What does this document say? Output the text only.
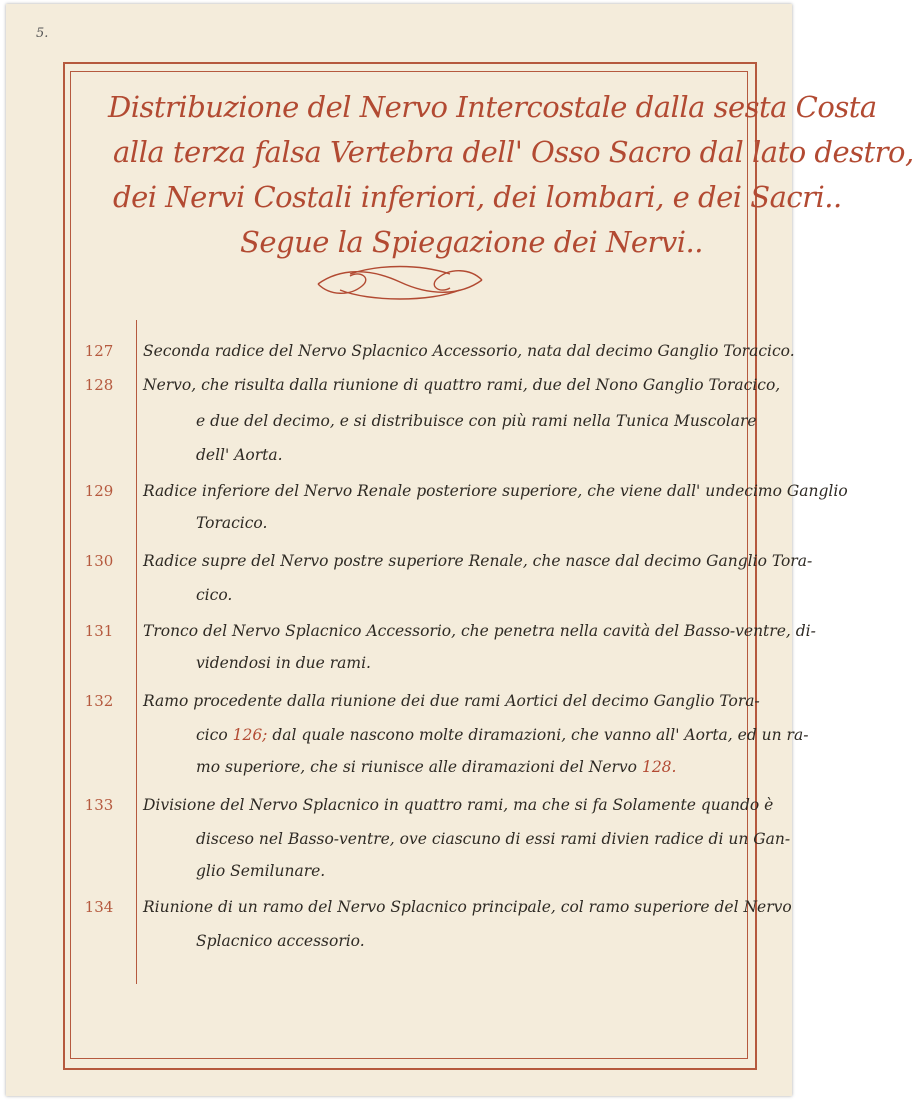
5.
Distribuzione del Nervo Intercostale dalla sesta Costa
alla terza falsa Vertebra dell' Osso Sacro dal lato destro,
dei Nervi Costali inferiori, dei lombari, e dei Sacri..
Segue la Spiegazione dei Nervi..
127	Seconda radice del Nervo Splacnico Accessorio, nata dal decimo Ganglio Toracico.
128	Nervo, che risulta dalla riunione di quattro rami, due del Nono Ganglio Toracico,
e due del decimo, e si distribuisce con più rami nella Tunica Muscolare
dell' Aorta.
129	Radice inferiore del Nervo Renale posteriore superiore, che viene dall' undecimo Ganglio
Toracico.
130	Radice supre del Nervo postre superiore Renale, che nasce dal decimo Ganglio Tora-
cico.
131	Tronco del Nervo Splacnico Accessorio, che penetra nella cavità del Basso-ventre, di-
videndosi in due rami.
132	Ramo procedente dalla riunione dei due rami Aortici del decimo Ganglio Tora-
cico 126; dal quale nascono molte diramazioni, che vanno all' Aorta, ed un ra-
mo superiore, che si riunisce alle diramazioni del Nervo 128.
133	Divisione del Nervo Splacnico in quattro rami, ma che si fa Solamente quando è
disceso nel Basso-ventre, ove ciascuno di essi rami divien radice di un Gan-
glio Semilunare.
134	Riunione di un ramo del Nervo Splacnico principale, col ramo superiore del Nervo
Splacnico accessorio.
